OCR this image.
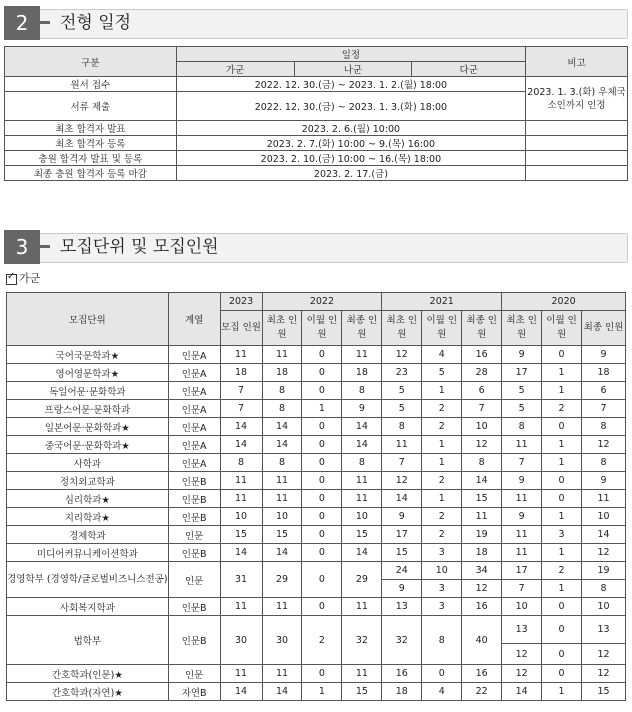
2	전형 일정
구분	일정			비고
	가군	나군	다군	
원서 접수	2022. 12. 30.(금) ~ 2023. 1. 2.(월) 18:00			2023. 1. 3.(화) 우체국 소인까지 인정
서류 제출	2022. 12. 30.(금) ~ 2023. 1. 3.(화) 18:00			
최초 합격자 발표	2023. 2. 6.(월) 10:00			
최초 합격자 등록	2023. 2. 7.(화) 10:00 ~ 9.(목) 16:00			
충원 합격자 발표 및 등록	2023. 2. 10.(금) 10:00 ~ 16.(목) 18:00			
최종 충원 합격자 등록 마감	2023. 2. 17.(금)			
3	모집단위 및 모집인원
✓가군
모집단위	계열	2023	2022			2021			2020		
		모집 인원	최초 인원	이월 인원	최종 인원	최초 인원	이월 인원	최종 인원	최초 인원	이월 인원	최종 인원
국어국문학과★	인문A	11	11	0	11	12	4	16	9	0	9
영어영문학과★	인문A	18	18	0	18	23	5	28	17	1	18
독일어문·문화학과	인문A	7	8	0	8	5	1	6	5	1	6
프랑스어문·문화학과	인문A	7	8	1	9	5	2	7	5	2	7
일본어문·문화학과★	인문A	14	14	0	14	8	2	10	8	0	8
중국어문·문화학과★	인문A	14	14	0	14	11	1	12	11	1	12
사학과	인문A	8	8	0	8	7	1	8	7	1	8
정치외교학과	인문B	11	11	0	11	12	2	14	9	0	9
심리학과★	인문B	11	11	0	11	14	1	15	11	0	11
지리학과★	인문B	10	10	0	10	9	2	11	9	1	10
경제학과	인문	15	15	0	15	17	2	19	11	3	14
미디어커뮤니케이션학과	인문B	14	14	0	14	15	3	18	11	1	12
경영학부 (경영학/글로벌비즈니스전공)	인문	31	29	0	29	24	10	34	17	2	19
						9	3	12	7	1	8
사회복지학과	인문B	11	11	0	11	13	3	16	10	0	10
법학부	인문B	30	30	2	32	32	8	40	13	0	13
									12	0	12
간호학과(인문)★	인문	11	11	0	11	16	0	16	12	0	12
간호학과(자연)★	자연B	14	14	1	15	18	4	22	14	1	15
